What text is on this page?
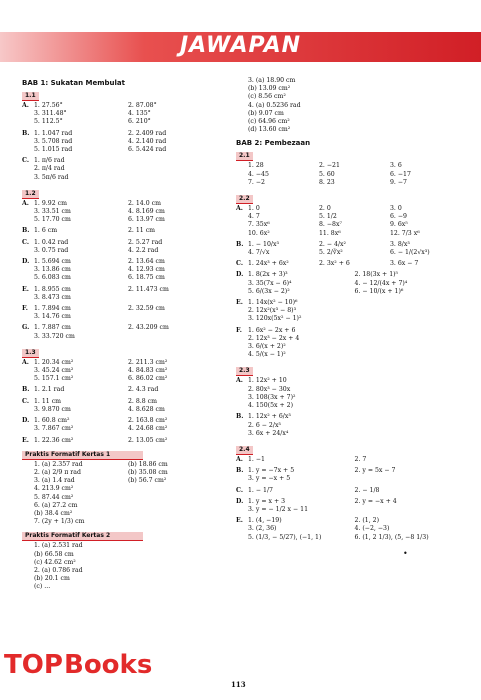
JAWAPAN
BAB 1: Sukatan Membulat
1.1
A. 1. 27.56°	2. 87.08°
3. 311.48°	4. 135°
5. 112.5°	6. 210°
B. 1. 1.047 rad	2. 2.409 rad
3. 5.708 rad	4. 2.140 rad
5. 1.015 rad	6. 5.424 rad
C. 1. π/6 rad
2. π/4 rad
3. 5π/6 rad
1.2
A. 1. 9.92 cm	2. 14.0 cm
3. 33.51 cm	4. 8.169 cm
5. 17.70 cm	6. 13.97 cm
B. 1. 6 cm	2. 11 cm
C. 1. 0.42 rad	2. 5.27 rad
3. 0.75 rad	4. 2.2 rad
D. 1. 5.694 cm	2. 13.64 cm
3. 13.86 cm	4. 12.93 cm
5. 6.083 cm	6. 18.75 cm
E. 1. 8.955 cm	2. 11.473 cm
3. 8.473 cm
F. 1. 7.894 cm	2. 32.59 cm
3. 14.76 cm
G. 1. 7.887 cm	2. 43.209 cm
3. 33.720 cm
1.3
A. 1. 20.34 cm²	2. 211.3 cm²
3. 45.24 cm²	4. 84.83 cm²
5. 157.1 cm²	6. 86.02 cm²
B. 1. 2.1 rad	2. 4.3 rad
C. 1. 11 cm	2. 8.8 cm
3. 9.870 cm	4. 8.628 cm
D. 1. 60.8 cm²	2. 163.8 cm²
3. 7.867 cm²	4. 24.68 cm²
E. 1. 22.36 cm²	2. 13.05 cm²
Praktis Formatif Kertas 1
1. (a) 2.357 rad	(b) 18.86 cm
2. (a) 2/9 π rad	(b) 35.08 cm
3. (a) 1.4 rad	(b) 56.7 cm²
4. 213.9 cm²
5. 87.44 cm²
6. (a) 27.2 cm
(b) 38.4 cm²
7. (2y + 1/3) cm
Praktis Formatif Kertas 2
1. (a) 2.531 rad
(b) 66.58 cm
(c) 42.62 cm²
2. (a) 0.786 rad
(b) 20.1 cm
(c) ...
3. (a) 18.90 cm
(b) 13.09 cm²
(c) 8.56 cm²
4. (a) 0.5236 rad
(b) 9.07 cm
(c) 64.96 cm²
(d) 13.60 cm²
BAB 2: Pembezaan
2.1
1. 28	2. −21	3. 6
4. −45	5. 60	6. −17
7. −2	8. 23	9. −7
2.2
A. 1. 0	2. 0	3. 0
4. 7	5. 1/2	6. −9
7. 35x⁶	8. −8x⁷	9. 6x⁵
10. 6x²	11. 8x⁶	12. 7/3 x⁶
B. 1. − 10/x³	2. − 4/x²	3. 8/x³
4. 7/√x	5. 2/∛x²	6. − 1/(2√x³)
C. 1. 24x³ + 6x²	2. 3x² + 6	3. 6x − 7
D. 1. 8(2x + 3)³	2. 18(3x + 1)⁵
3. 35(7x − 6)⁴	4. − 12/(4x + 7)⁴
5. 6/(3x − 2)²	6. − 10/(x + 1)⁶
E. 1. 14x(x² − 10)⁶
2. 12x²(x³ − 8)³
3. 120x(5x² − 1)²
F. 1. 6x² − 2x + 6
2. 12x³ − 2x + 4
3. 6/(x + 2)²
4. 5/(x − 1)²
2.3
A. 1. 12x² + 10
2. 80x³ − 30x
3. 108(3x + 7)²
4. 150(5x + 2)
B. 1. 12x² + 6/x³
2. 6 − 2/x³
3. 6x + 24/x⁴
2.4
A. 1. −1	2. 7
B. 1. y = −7x + 5	2. y = 5x − 7
3. y = −x + 5
C. 1. − 1/7	2. − 1/8
D. 1. y = x + 3	2. y = −x + 4
3. y = − 1/2 x − 11
E. 1. (4, −19)	2. (1, 2)
3. (2, 36)	4. (−2, −3)
5. (1/3, − 5/27), (−1, 1)	6. (1, 2 1/3), (5, −8 1/3)
•
TOP Books
113
